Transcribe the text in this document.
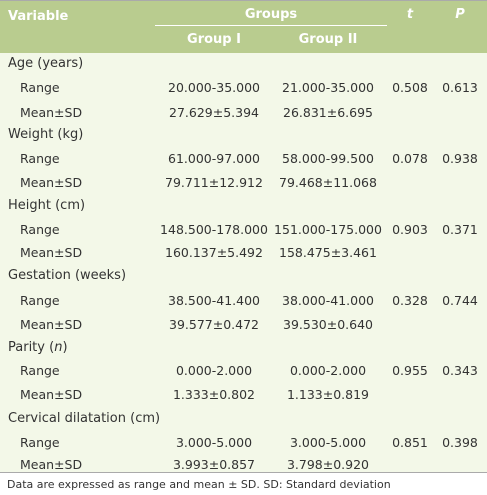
Variable	Groups
Group I	Group II
t	P
Age (years)
Range	20.000-35.000	21.000-35.000	0.508	0.613
Mean±SD	27.629±5.394	26.831±6.695
Weight (kg)
Range	61.000-97.000	58.000-99.500	0.078	0.938
Mean±SD	79.711±12.912	79.468±11.068
Height (cm)
Range	148.500-178.000 151.000-175.000 0.903	0.371
Mean±SD	160.137±5.492	158.475±3.461
Gestation (weeks)
Range	38.500-41.400	38.000-41.000	0.328	0.744
Mean±SD	39.577±0.472	39.530±0.640
Parity (n)
Range	0.000-2.000	0.000-2.000	0.955	0.343
Mean±SD	1.333±0.802	1.133±0.819
Cervical dilatation (cm)
Range	3.000-5.000	3.000-5.000	0.851	0.398
Mean±SD	3.993±0.857	3.798±0.920
Data are expressed as range and mean ± SD. SD: Standard deviation
